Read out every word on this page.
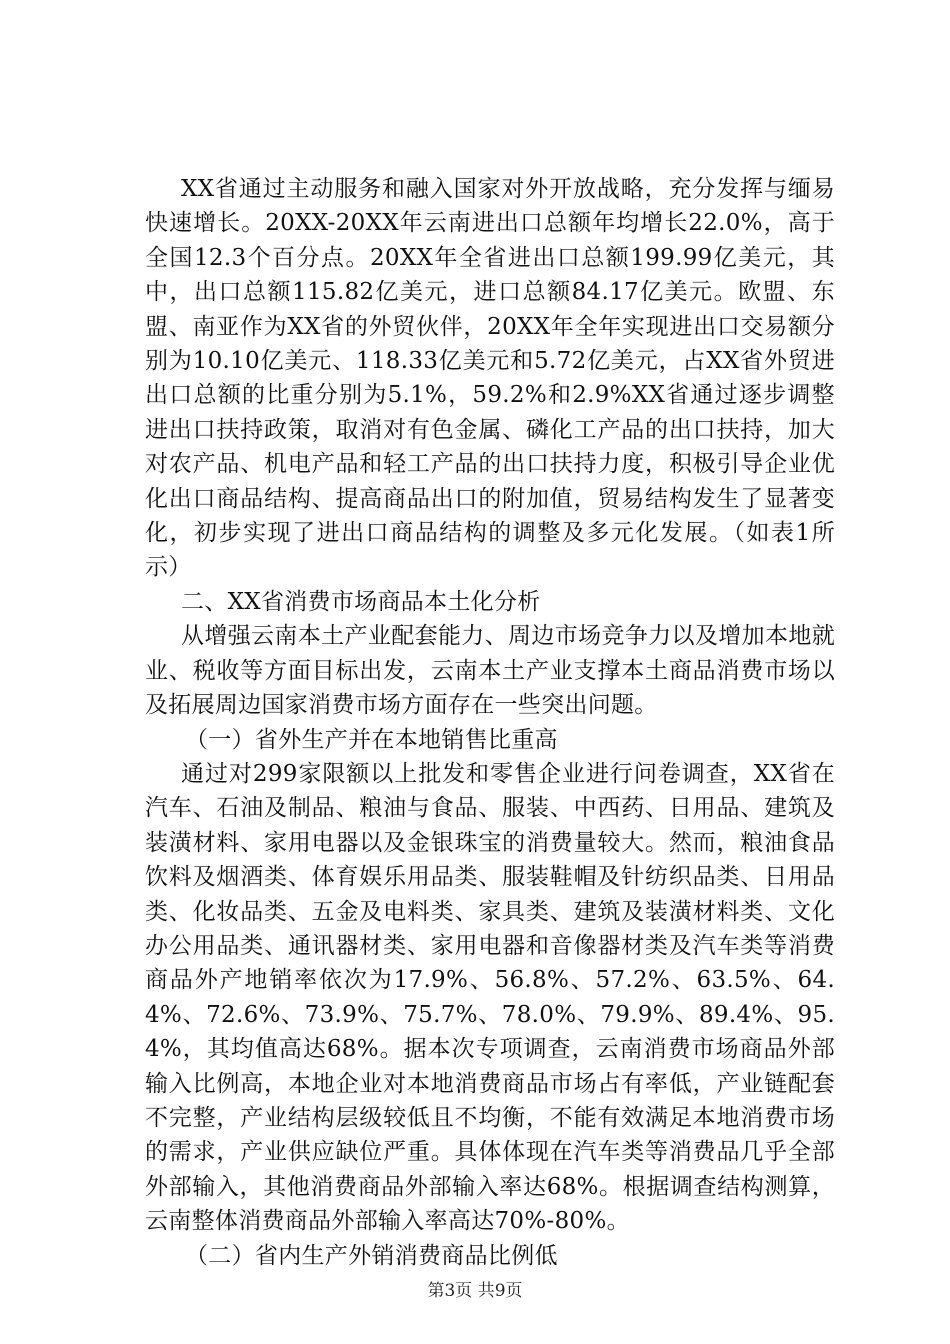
XX省通过主动服务和融入国家对外开放战略，充分发挥与缅易快速增长。20XX-20XX年云南进出口总额年均增长22.0%，高于全国12.3个百分点。20XX年全省进出口总额199.99亿美元，其中，出口总额115.82亿美元，进口总额84.17亿美元。欧盟、东盟、南亚作为XX省的外贸伙伴，20XX年全年实现进出口交易额分别为10.10亿美元、118.33亿美元和5.72亿美元，占XX省外贸进出口总额的比重分别为5.1%，59.2%和2.9%XX省通过逐步调整进出口扶持政策，取消对有色金属、磷化工产品的出口扶持，加大对农产品、机电产品和轻工产品的出口扶持力度，积极引导企业优化出口商品结构、提高商品出口的附加值，贸易结构发生了显著变化，初步实现了进出口商品结构的调整及多元化发展。（如表1所示）

二、XX省消费市场商品本土化分析

从增强云南本土产业配套能力、周边市场竞争力以及增加本地就业、税收等方面目标出发，云南本土产业支撑本土商品消费市场以及拓展周边国家消费市场方面存在一些突出问题。

（一）省外生产并在本地销售比重高

通过对299家限额以上批发和零售企业进行问卷调查，XX省在汽车、石油及制品、粮油与食品、服装、中西药、日用品、建筑及装潢材料、家用电器以及金银珠宝的消费量较大。然而，粮油食品饮料及烟酒类、体育娱乐用品类、服装鞋帽及针纺织品类、日用品类、化妆品类、五金及电料类、家具类、建筑及装潢材料类、文化办公用品类、通讯器材类、家用电器和音像器材类及汽车类等消费商品外产地销率依次为17.9%、56.8%、57.2%、63.5%、64.4%、72.6%、73.9%、75.7%、78.0%、79.9%、89.4%、95.4%，其均值高达68%。据本次专项调查，云南消费市场商品外部输入比例高，本地企业对本地消费商品市场占有率低，产业链配套不完整，产业结构层级较低且不均衡，不能有效满足本地消费市场的需求，产业供应缺位严重。具体体现在汽车类等消费品几乎全部外部输入，其他消费商品外部输入率达68%。根据调查结构测算，云南整体消费商品外部输入率高达70%-80%。

（二）省内生产外销消费商品比例低

第3页 共9页
